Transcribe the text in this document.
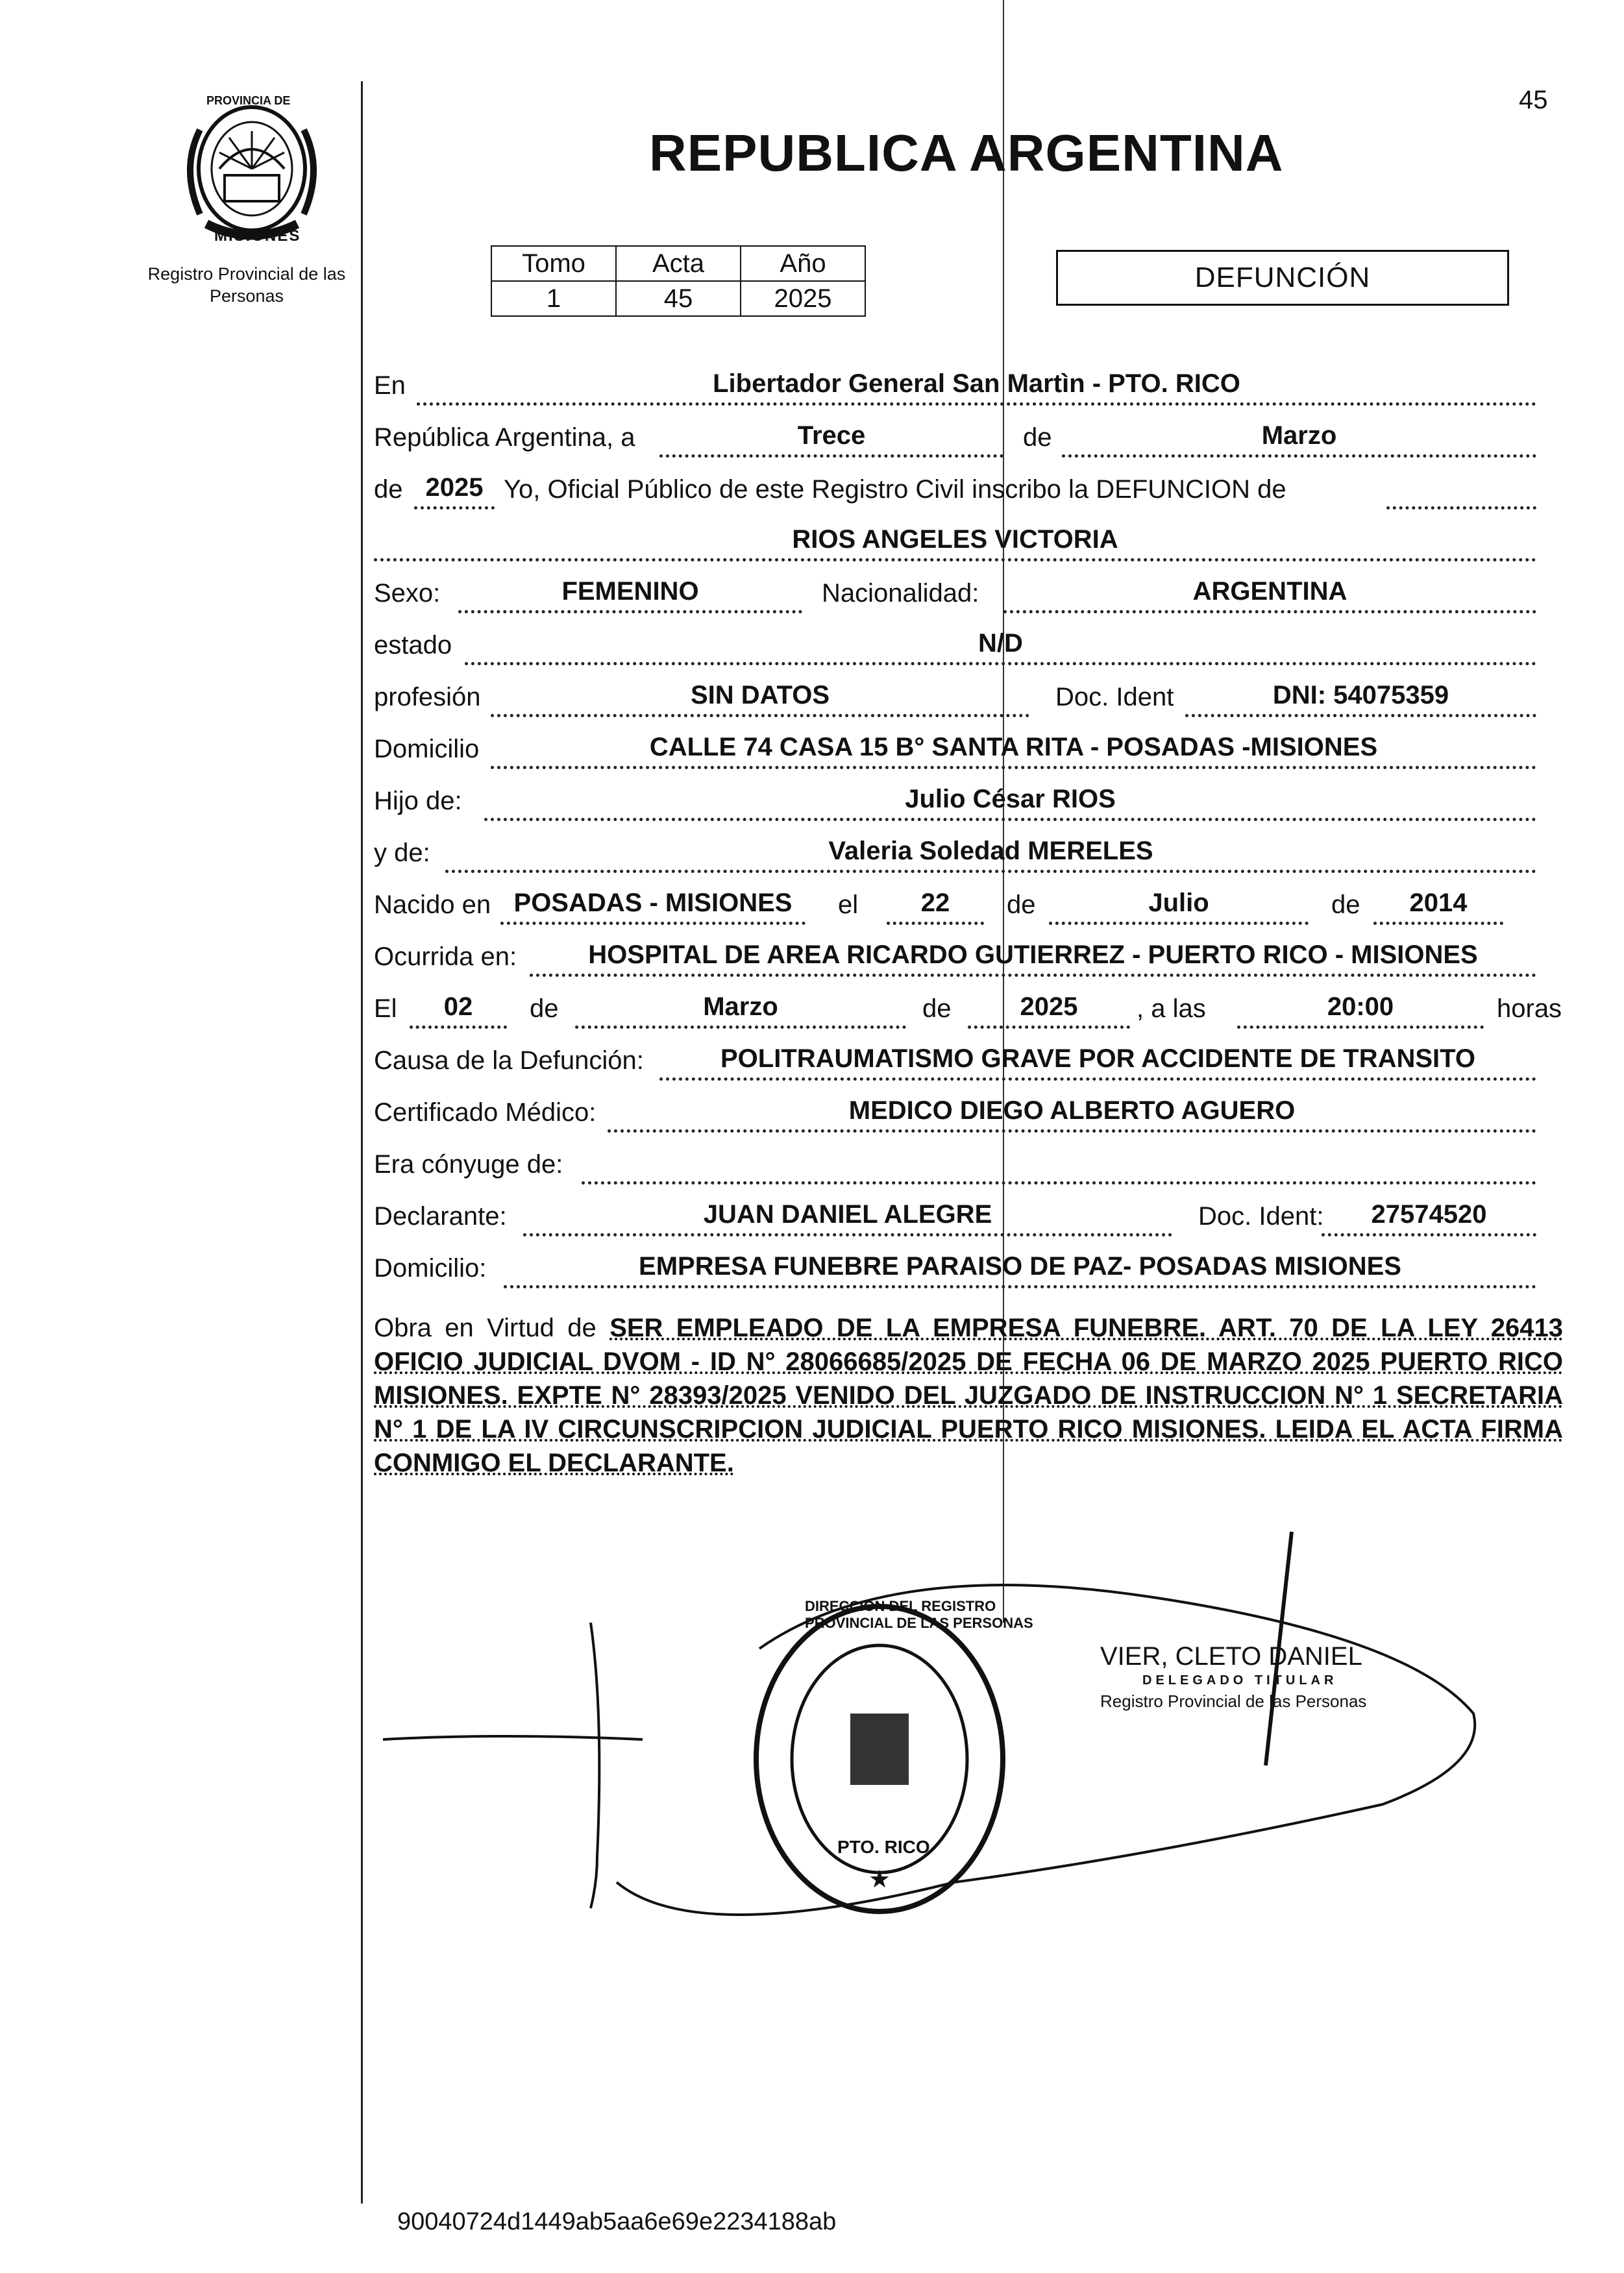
45
PROVINCIA DE
MISIONES
Registro Provincial de las Personas
REPUBLICA ARGENTINA
Tomo	Acta	Año
1	45	2025
DEFUNCIÓN
En	Libertador General San Martìn - PTO. RICO
República Argentina, a	Trece	de	Marzo
de 2025 Yo, Oficial Público de este Registro Civil inscribo la DEFUNCION de
RIOS ANGELES VICTORIA
Sexo:	FEMENINO	Nacionalidad:	ARGENTINA
estado	N/D
profesión	SIN DATOS	Doc. Ident	DNI: 54075359
Domicilio	CALLE 74 CASA 15 B° SANTA RITA - POSADAS -MISIONES
Hijo de:	Julio César RIOS
y de:	Valeria Soledad MERELES
Nacido en POSADAS - MISIONES	el	22	de	Julio	de	2014
Ocurrida en:	HOSPITAL DE AREA RICARDO GUTIERREZ - PUERTO RICO - MISIONES
El	02	de	Marzo	de	2025	, a las	20:00	horas
Causa de la Defunción:	POLITRAUMATISMO GRAVE POR ACCIDENTE DE TRANSITO
Certificado Médico:	MEDICO DIEGO ALBERTO AGUERO
Era cónyuge de:
Declarante:	JUAN DANIEL ALEGRE	Doc. Ident:	27574520
Domicilio:	EMPRESA FUNEBRE PARAISO DE PAZ- POSADAS MISIONES
Obra en Virtud de SER EMPLEADO DE LA EMPRESA FUNEBRE. ART. 70 DE LA LEY 26413 OFICIO JUDICIAL DVOM - ID N° 28066685/2025 DE FECHA 06 DE MARZO 2025 PUERTO RICO MISIONES. EXPTE N° 28393/2025 VENIDO DEL JUZGADO DE INSTRUCCION N° 1 SECRETARIA N° 1 DE LA IV CIRCUNSCRIPCION JUDICIAL PUERTO RICO MISIONES. LEIDA EL ACTA FIRMA CONMIGO EL DECLARANTE.
★
DIRECCION DEL REGISTRO PROVINCIAL DE LAS PERSONAS
PTO. RICO
VIER, CLETO DANIEL
DELEGADO TITULAR
Registro Provincial de las Personas
90040724d1449ab5aa6e69e2234188ab
